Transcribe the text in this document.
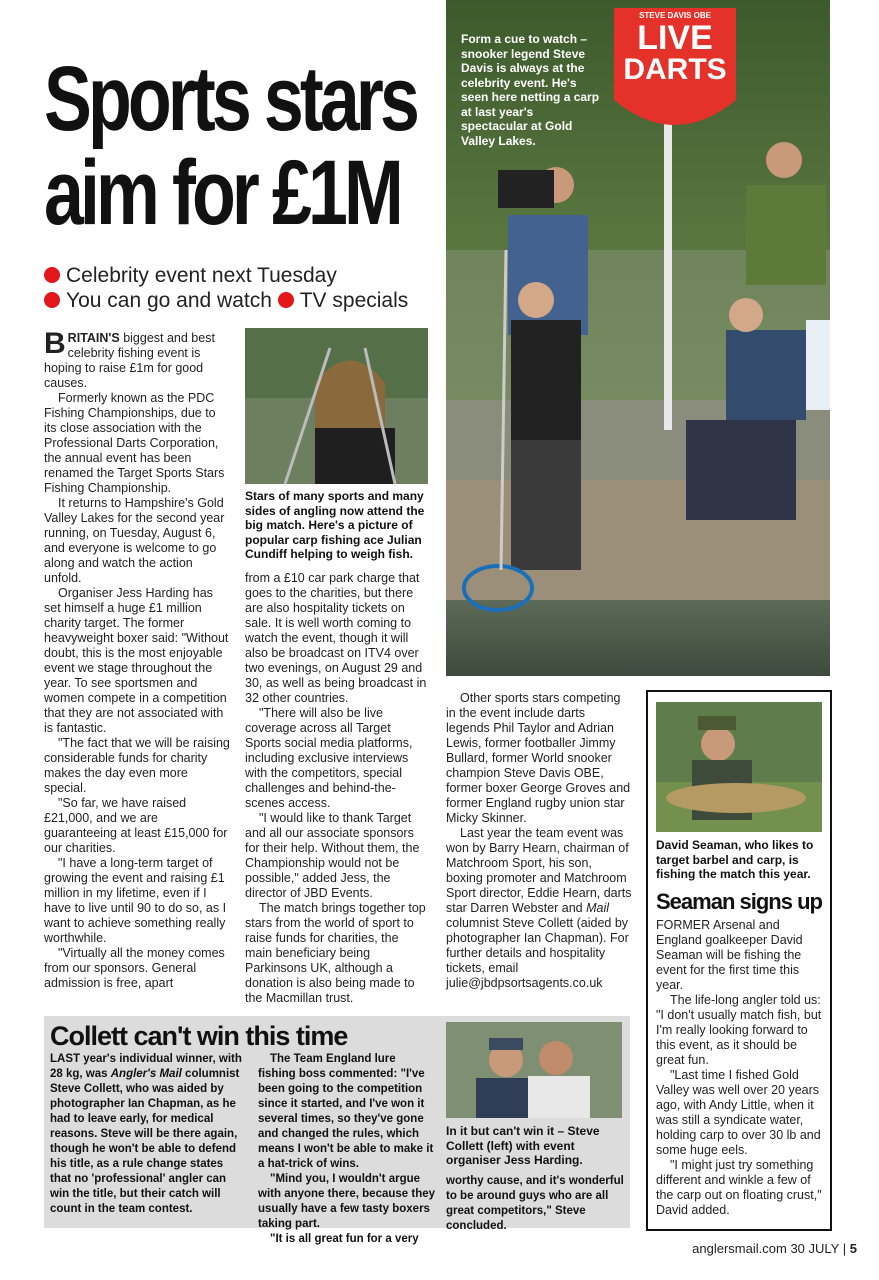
Sports stars
aim for £1M
Celebrity event next Tuesday
You can go and watch TV specials
STEVE DAVIS OBE
LIVE
DARTS
Form a cue to watch – snooker legend Steve Davis is always at the celebrity event. He's seen here netting a carp at last year's spectacular at Gold Valley Lakes.
Stars of many sports and many sides of angling now attend the big match. Here's a picture of popular carp fishing ace Julian Cundiff helping to weigh fish.

BRITAIN'S biggest and best celebrity fishing event is hoping to raise £1m for good causes.

Formerly known as the PDC Fishing Championships, due to its close association with the Professional Darts Corporation, the annual event has been renamed the Target Sports Stars Fishing Championship.

It returns to Hampshire's Gold Valley Lakes for the second year running, on Tuesday, August 6, and everyone is welcome to go along and watch the action unfold.

Organiser Jess Harding has set himself a huge £1 million charity target. The former heavyweight boxer said: "Without doubt, this is the most enjoyable event we stage throughout the year. To see sportsmen and women compete in a competition that they are not associated with is fantastic.

"The fact that we will be raising considerable funds for charity makes the day even more special.

"So far, we have raised £21,000, and we are guaranteeing at least £15,000 for our charities.

"I have a long-term target of growing the event and raising £1 million in my lifetime, even if I have to live until 90 to do so, as I want to achieve something really worthwhile.

"Virtually all the money comes from our sponsors. General admission is free, apart

from a £10 car park charge that goes to the charities, but there are also hospitality tickets on sale. It is well worth coming to watch the event, though it will also be broadcast on ITV4 over two evenings, on August 29 and 30, as well as being broadcast in 32 other countries.

"There will also be live coverage across all Target Sports social media platforms, including exclusive interviews with the competitors, special challenges and behind-the-scenes access.

"I would like to thank Target and all our associate sponsors for their help. Without them, the Championship would not be possible," added Jess, the director of JBD Events.

The match brings together top stars from the world of sport to raise funds for charities, the main beneficiary being Parkinsons UK, although a donation is also being made to the Macmillan trust.

Other sports stars competing in the event include darts legends Phil Taylor and Adrian Lewis, former footballer Jimmy Bullard, former World snooker champion Steve Davis OBE, former boxer George Groves and former England rugby union star Micky Skinner.

Last year the team event was won by Barry Hearn, chairman of Matchroom Sport, his son, boxing promoter and Matchroom Sport director, Eddie Hearn, darts star Darren Webster and Mail columnist Steve Collett (aided by photographer Ian Chapman). For further details and hospitality tickets, email julie@jbdpsortsagents.co.uk

David Seaman, who likes to target barbel and carp, is fishing the match this year.
Seaman signs up

FORMER Arsenal and England goalkeeper David Seaman will be fishing the event for the first time this year.

The life-long angler told us: "I don't usually match fish, but I'm really looking forward to this event, as it should be great fun.

"Last time I fished Gold Valley was well over 20 years ago, with Andy Little, when it was still a syndicate water, holding carp to over 30 lb and some huge eels.

"I might just try something different and winkle a few of the carp out on floating crust," David added.

Collett can't win this time
LAST year's individual winner, with 28 kg, was Angler's Mail columnist Steve Collett, who was aided by photographer Ian Chapman, as he had to leave early, for medical reasons. Steve will be there again, though he won't be able to defend his title, as a rule change states that no 'professional' angler can win the title, but their catch will count in the team contest.
The Team England lure fishing boss commented: "I've been going to the competition since it started, and I've won it several times, so they've gone and changed the rules, which means I won't be able to make it a hat-trick of wins.
"Mind you, I wouldn't argue with anyone there, because they usually have a few tasty boxers taking part.
"It is all great fun for a very
In it but can't win it – Steve Collett (left) with event organiser Jess Harding.
worthy cause, and it's wonderful to be around guys who are all great competitors," Steve concluded.
anglersmail.com 30 JULY | 5
